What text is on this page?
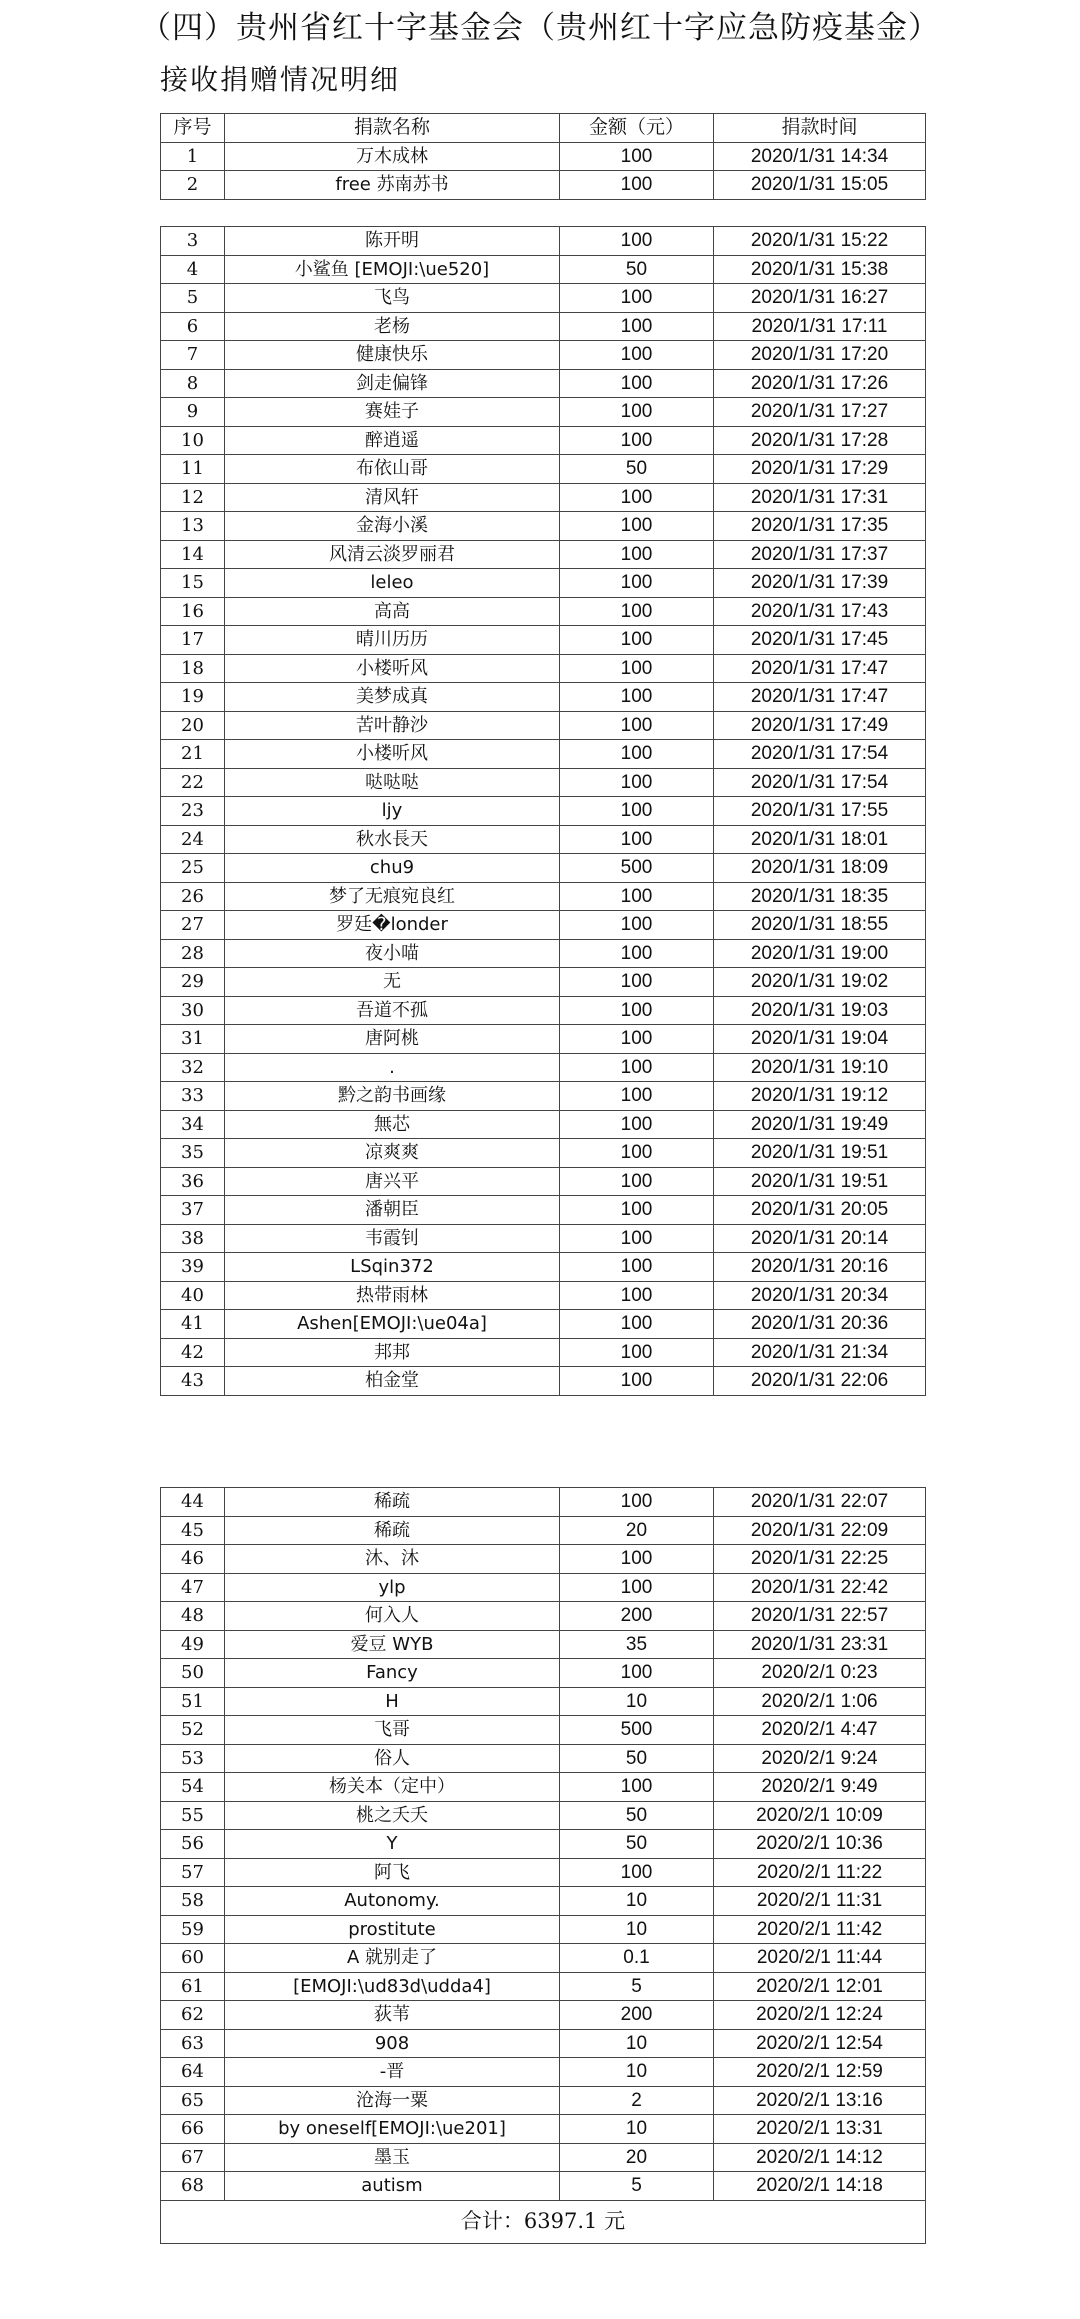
（四）贵州省红十字基金会（贵州红十字应急防疫基金）
接收捐赠情况明细
序号	捐款名称	金额（元）	捐款时间
1	万木成林	100	2020/1/31 14:34
2	free 苏南苏书	100	2020/1/31 15:05
3	陈开明	100	2020/1/31 15:22
4	小鲨鱼 [EMOJI:\ue520]	50	2020/1/31 15:38
5	飞鸟	100	2020/1/31 16:27
6	老杨	100	2020/1/31 17:11
7	健康快乐	100	2020/1/31 17:20
8	剑走偏锋	100	2020/1/31 17:26
9	赛娃子	100	2020/1/31 17:27
10	醉逍遥	100	2020/1/31 17:28
11	布依山哥	50	2020/1/31 17:29
12	清风轩	100	2020/1/31 17:31
13	金海小溪	100	2020/1/31 17:35
14	风清云淡罗丽君	100	2020/1/31 17:37
15	leleo	100	2020/1/31 17:39
16	高高	100	2020/1/31 17:43
17	晴川历历	100	2020/1/31 17:45
18	小楼听风	100	2020/1/31 17:47
19	美梦成真	100	2020/1/31 17:47
20	苦叶静沙	100	2020/1/31 17:49
21	小楼听风	100	2020/1/31 17:54
22	哒哒哒	100	2020/1/31 17:54
23	ljy	100	2020/1/31 17:55
24	秋水長天	100	2020/1/31 18:01
25	chu9	500	2020/1/31 18:09
26	梦了无痕宛良红	100	2020/1/31 18:35
27	罗廷�londer	100	2020/1/31 18:55
28	夜小喵	100	2020/1/31 19:00
29	无	100	2020/1/31 19:02
30	吾道不孤	100	2020/1/31 19:03
31	唐阿桃	100	2020/1/31 19:04
32	.	100	2020/1/31 19:10
33	黔之韵书画缘	100	2020/1/31 19:12
34	無芯	100	2020/1/31 19:49
35	凉爽爽	100	2020/1/31 19:51
36	唐兴平	100	2020/1/31 19:51
37	潘朝臣	100	2020/1/31 20:05
38	韦霞钊	100	2020/1/31 20:14
39	LSqin372	100	2020/1/31 20:16
40	热带雨林	100	2020/1/31 20:34
41	Ashen[EMOJI:\ue04a]	100	2020/1/31 20:36
42	邦邦	100	2020/1/31 21:34
43	柏金堂	100	2020/1/31 22:06
44	稀疏	100	2020/1/31 22:07
45	稀疏	20	2020/1/31 22:09
46	沐、沐	100	2020/1/31 22:25
47	ylp	100	2020/1/31 22:42
48	何入人	200	2020/1/31 22:57
49	爱豆 WYB	35	2020/1/31 23:31
50	Fancy	100	2020/2/1 0:23
51	H	10	2020/2/1 1:06
52	飞哥	500	2020/2/1 4:47
53	俗人	50	2020/2/1 9:24
54	杨关本（定中）	100	2020/2/1 9:49
55	桃之夭夭	50	2020/2/1 10:09
56	Y	50	2020/2/1 10:36
57	阿飞	100	2020/2/1 11:22
58	Autonomy.	10	2020/2/1 11:31
59	prostitute	10	2020/2/1 11:42
60	A 就别走了	0.1	2020/2/1 11:44
61	[EMOJI:\ud83d\udda4]	5	2020/2/1 12:01
62	荻苇	200	2020/2/1 12:24
63	908	10	2020/2/1 12:54
64	-晋	10	2020/2/1 12:59
65	沧海一粟	2	2020/2/1 13:16
66	by oneself[EMOJI:\ue201]	10	2020/2/1 13:31
67	墨玉	20	2020/2/1 14:12
68	autism	5	2020/2/1 14:18
合计：6397.1 元			
